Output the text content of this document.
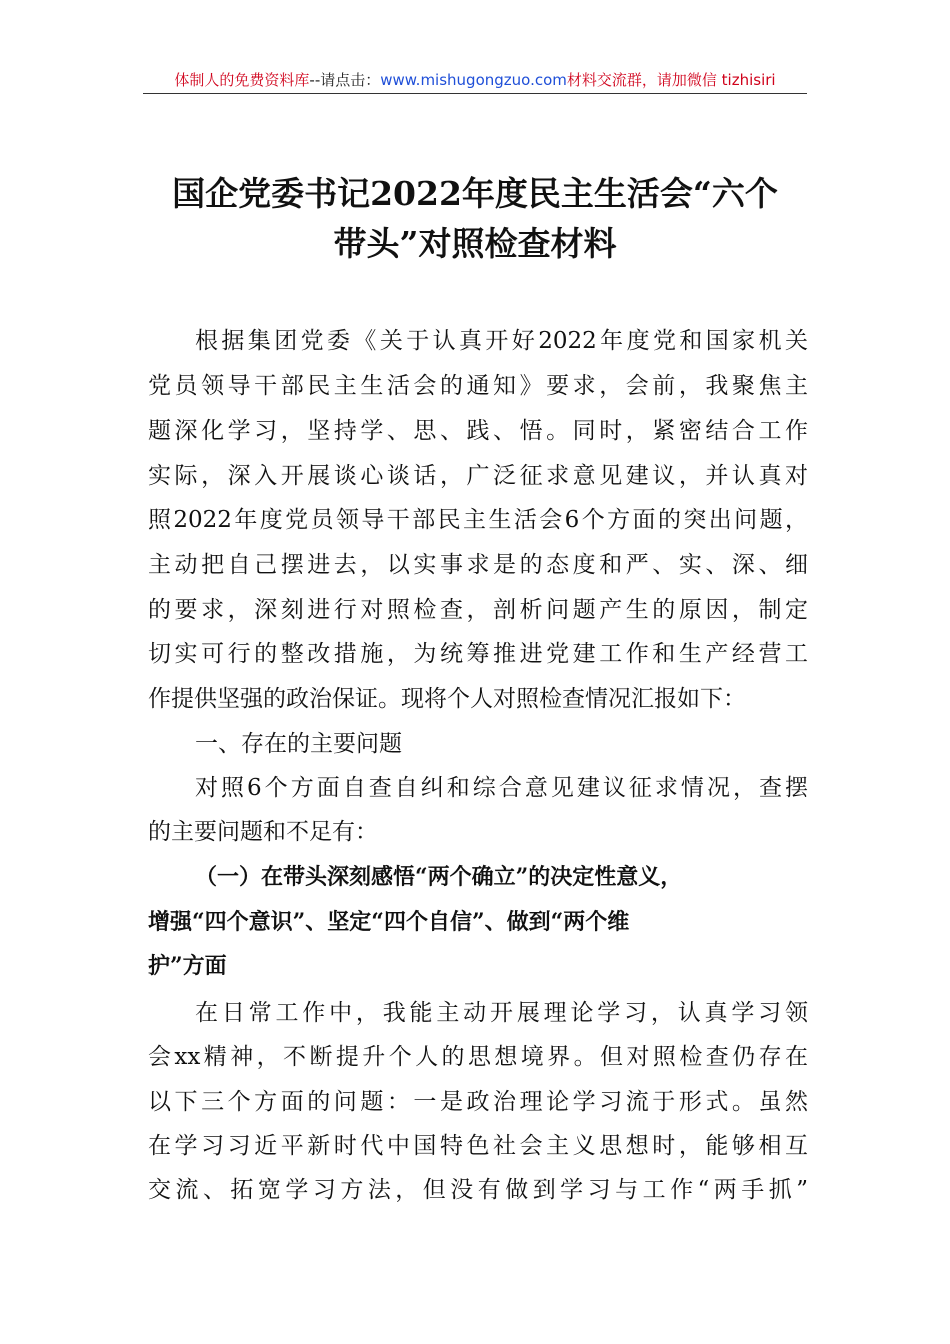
体制人的免费资料库--请点击：www.mishugongzuo.com材料交流群，请加微信 tizhisiri
国企党委书记2022年度民主生活会“六个
带头”对照检查材料
根据集团党委《关于认真开好2022年度党和国家机关
党员领导干部民主生活会的通知》要求，会前，我聚焦主
题深化学习，坚持学、思、践、悟。同时，紧密结合工作
实际，深入开展谈心谈话，广泛征求意见建议，并认真对
照2022年度党员领导干部民主生活会6个方面的突出问题，
主动把自己摆进去，以实事求是的态度和严、实、深、细
的要求，深刻进行对照检查，剖析问题产生的原因，制定
切实可行的整改措施，为统筹推进党建工作和生产经营工
作提供坚强的政治保证。现将个人对照检查情况汇报如下：
一、存在的主要问题
对照6个方面自查自纠和综合意见建议征求情况，查摆
的主要问题和不足有：
（一）在带头深刻感悟“两个确立”的决定性意义，
增强“四个意识”、坚定“四个自信”、做到“两个维
护”方面
在日常工作中，我能主动开展理论学习，认真学习领
会xx精神，不断提升个人的思想境界。但对照检查仍存在
以下三个方面的问题：一是政治理论学习流于形式。虽然
在学习习近平新时代中国特色社会主义思想时，能够相互
交流、拓宽学习方法，但没有做到学习与工作“两手抓”
